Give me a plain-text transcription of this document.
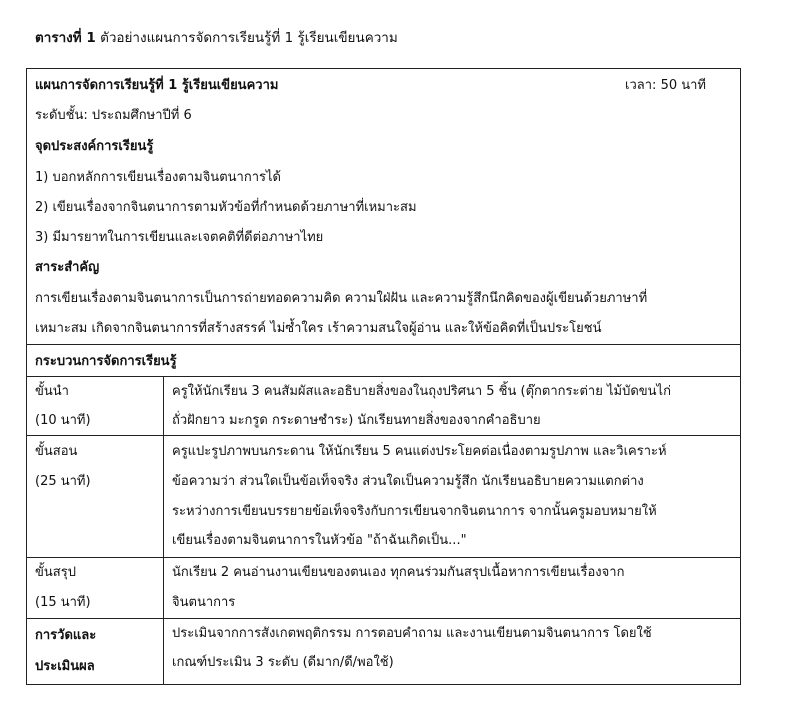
ตารางที่ 1 ตัวอย่างแผนการจัดการเรียนรู้ที่ 1 รู้เรียนเขียนความ
แผนการจัดการเรียนรู้ที่ 1 รู้เรียนเขียนความ	เวลา: 50 นาที
ระดับชั้น: ประถมศึกษาปีที่ 6
จุดประสงค์การเรียนรู้
1) บอกหลักการเขียนเรื่องตามจินตนาการได้
2) เขียนเรื่องจากจินตนาการตามหัวข้อที่กำหนดด้วยภาษาที่เหมาะสม
3) มีมารยาทในการเขียนและเจตคติที่ดีต่อภาษาไทย
สาระสำคัญ
การเขียนเรื่องตามจินตนาการเป็นการถ่ายทอดความคิด ความใฝ่ฝัน และความรู้สึกนึกคิดของผู้เขียนด้วยภาษาที่
เหมาะสม เกิดจากจินตนาการที่สร้างสรรค์ ไม่ซ้ำใคร เร้าความสนใจผู้อ่าน และให้ข้อคิดที่เป็นประโยชน์
กระบวนการจัดการเรียนรู้
ขั้นนำ
(10 นาที)
ครูให้นักเรียน 3 คนสัมผัสและอธิบายสิ่งของในถุงปริศนา 5 ชิ้น (ตุ๊กตากระต่าย ไม้บัดขนไก่
ถั่วฝักยาว มะกรูด กระดาษชำระ) นักเรียนทายสิ่งของจากคำอธิบาย
ขั้นสอน
(25 นาที)
ครูแปะรูปภาพบนกระดาน ให้นักเรียน 5 คนแต่งประโยคต่อเนื่องตามรูปภาพ และวิเคราะห์
ข้อความว่า ส่วนใดเป็นข้อเท็จจริง ส่วนใดเป็นความรู้สึก นักเรียนอธิบายความแตกต่าง
ระหว่างการเขียนบรรยายข้อเท็จจริงกับการเขียนจากจินตนาการ จากนั้นครูมอบหมายให้
เขียนเรื่องตามจินตนาการในหัวข้อ "ถ้าฉันเกิดเป็น..."
ขั้นสรุป
(15 นาที)
นักเรียน 2 คนอ่านงานเขียนของตนเอง ทุกคนร่วมกันสรุปเนื้อหาการเขียนเรื่องจาก
จินตนาการ
การวัดและ
ประเมินผล
ประเมินจากการสังเกตพฤติกรรม การตอบคำถาม และงานเขียนตามจินตนาการ โดยใช้
เกณฑ์ประเมิน 3 ระดับ (ดีมาก/ดี/พอใช้)
